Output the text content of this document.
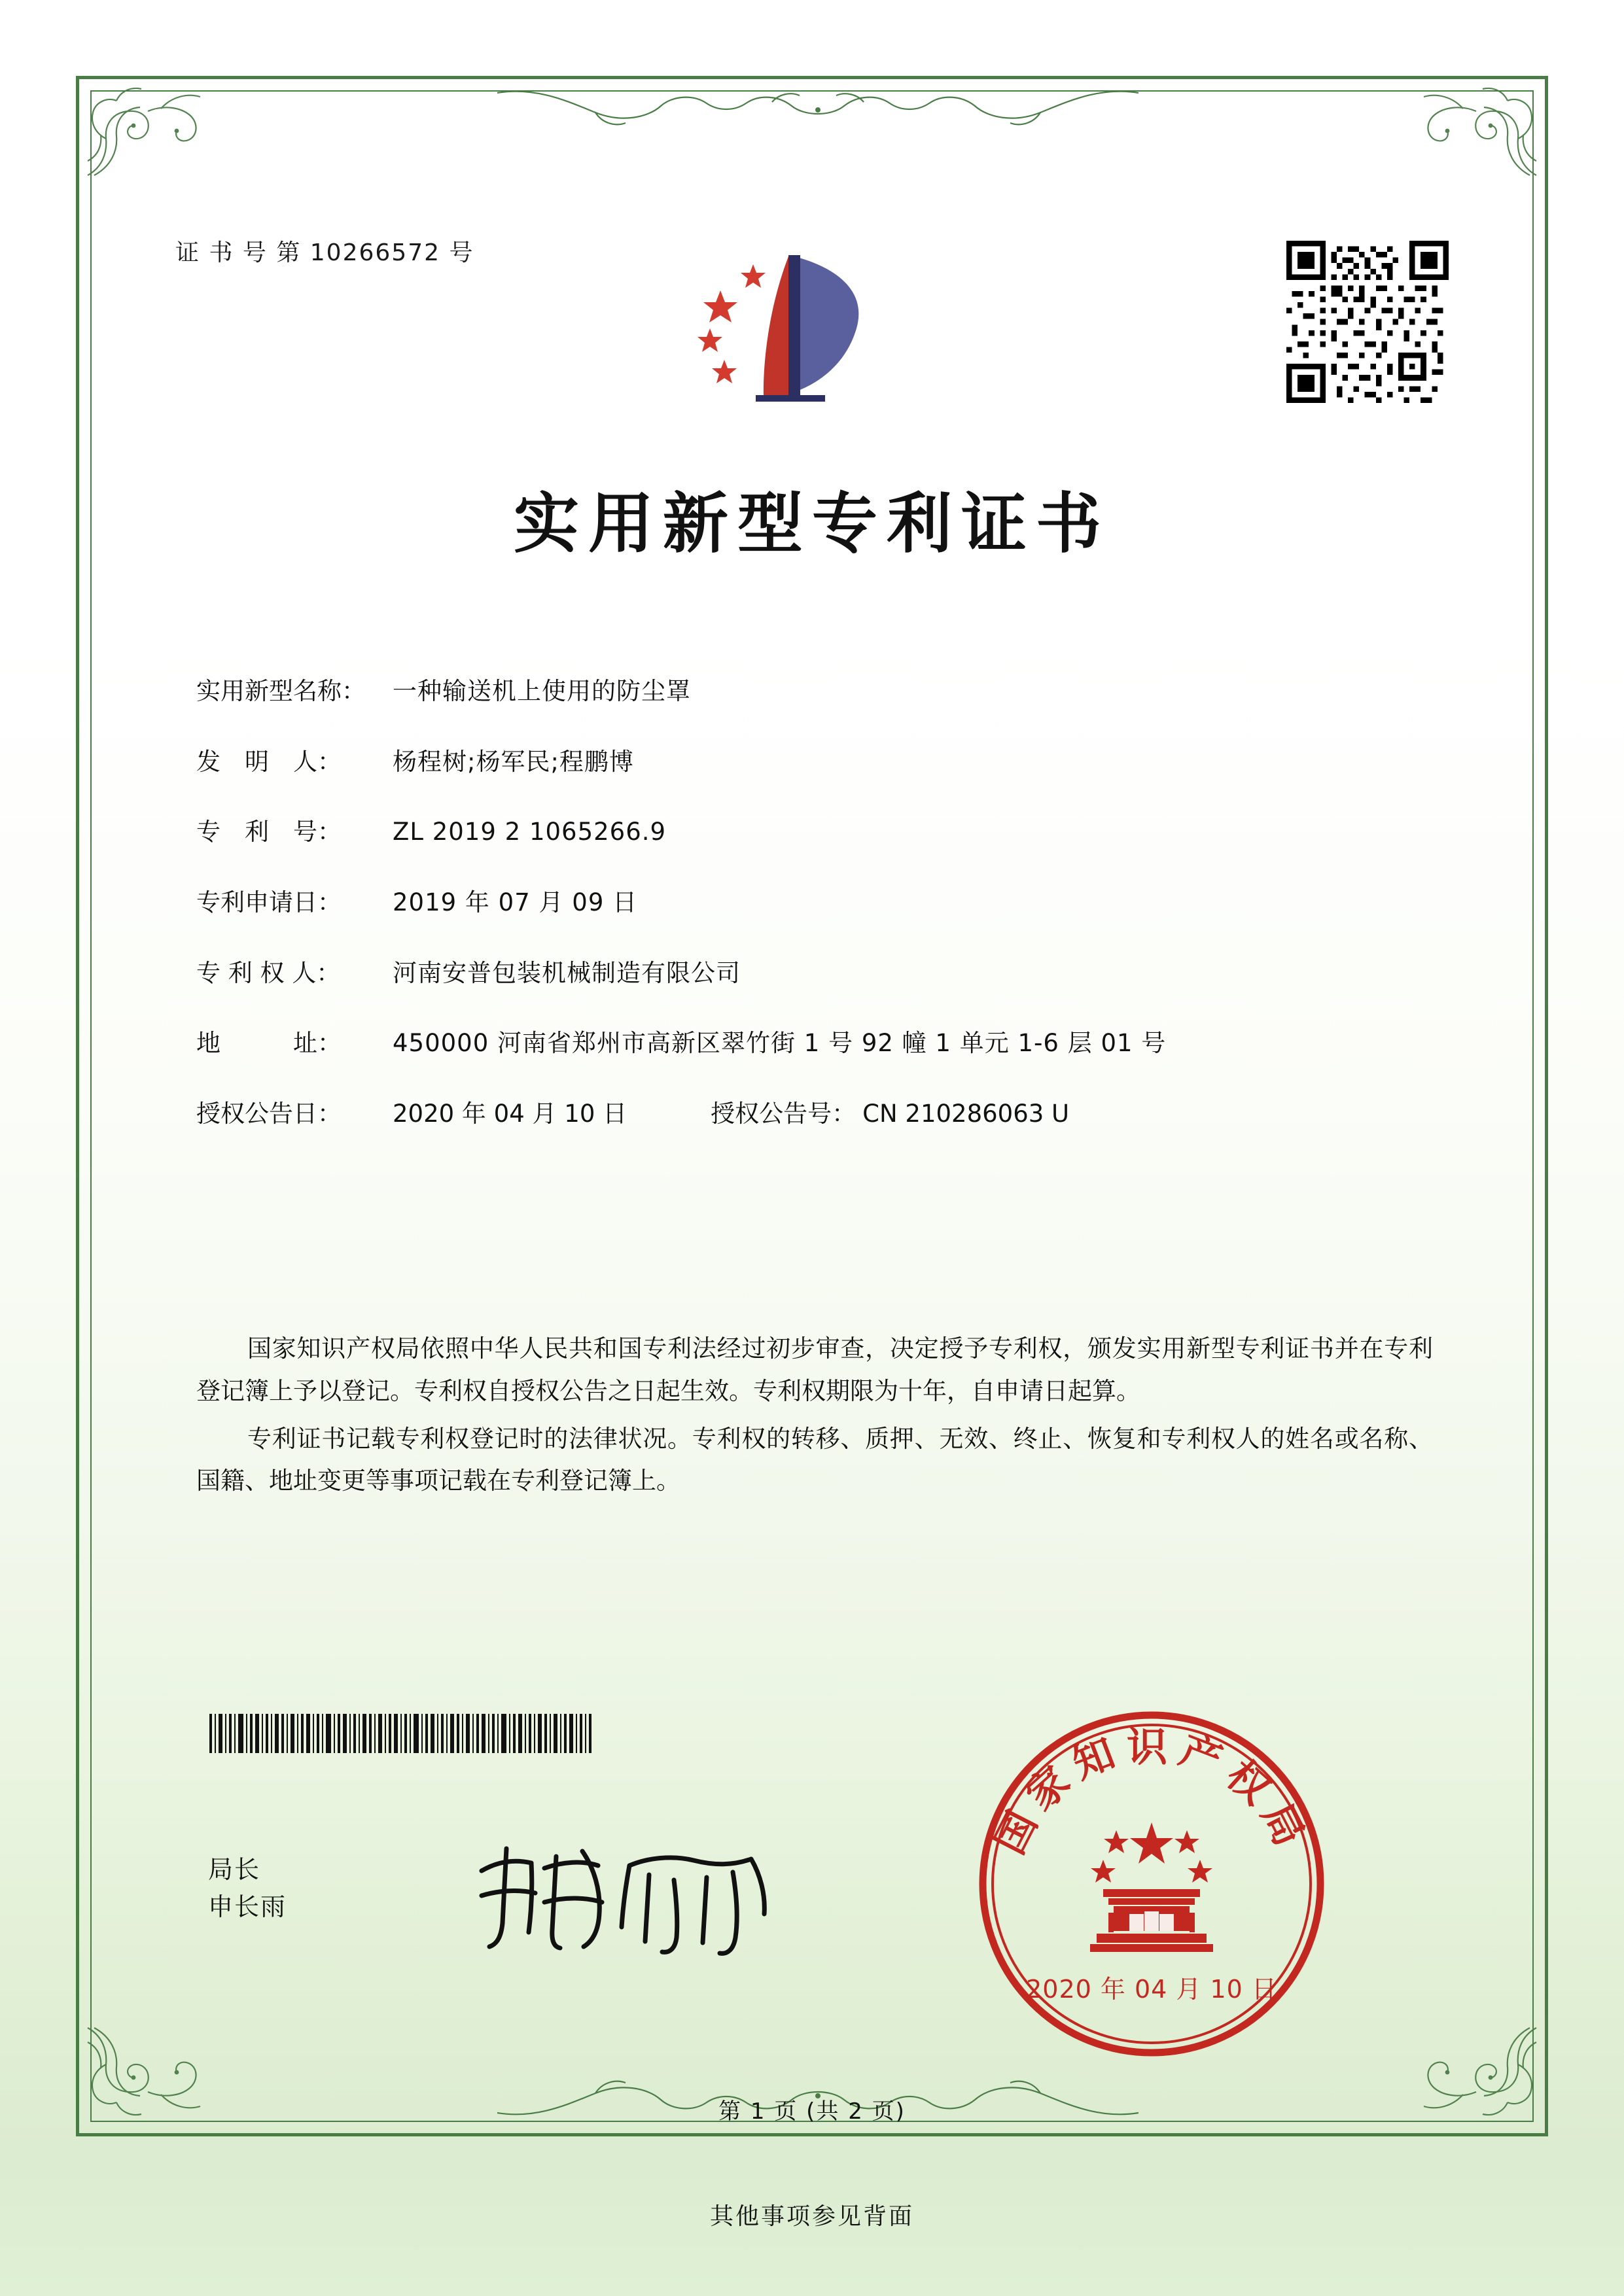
证 书 号 第 10266572 号
实用新型专利证书
实用新型名称：	一种输送机上使用的防尘罩
发　明　人：	杨程树;杨军民;程鹏博
专　利　号：	ZL 2019 2 1065266.9
专利申请日：	2019 年 07 月 09 日
专 利 权 人：	河南安普包装机械制造有限公司
地　　　址：	450000 河南省郑州市高新区翠竹街 1 号 92 幢 1 单元 1-6 层 01 号
授权公告日：	2020 年 04 月 10 日	授权公告号： CN 210286063 U

国家知识产权局依照中华人民共和国专利法经过初步审查，决定授予专利权，颁发实用新型专利证书并在专利登记簿上予以登记。专利权自授权公告之日起生效。专利权期限为十年，自申请日起算。

专利证书记载专利权登记时的法律状况。专利权的转移、质押、无效、终止、恢复和专利权人的姓名或名称、国籍、地址变更等事项记载在专利登记簿上。

局长
申长雨
国家知识产权局
2020 年 04 月 10 日
第 1 页 (共 2 页)
其他事项参见背面
